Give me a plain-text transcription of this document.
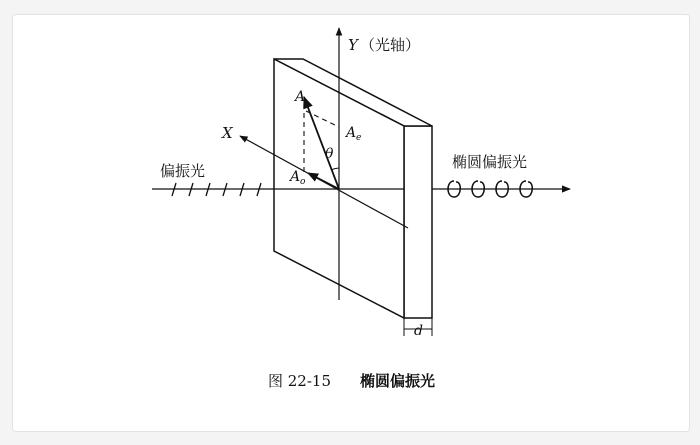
Y （光轴）
X
A
A e
A o
θ
d
偏振光	椭圆偏振光
图 22-15 椭圆偏振光
